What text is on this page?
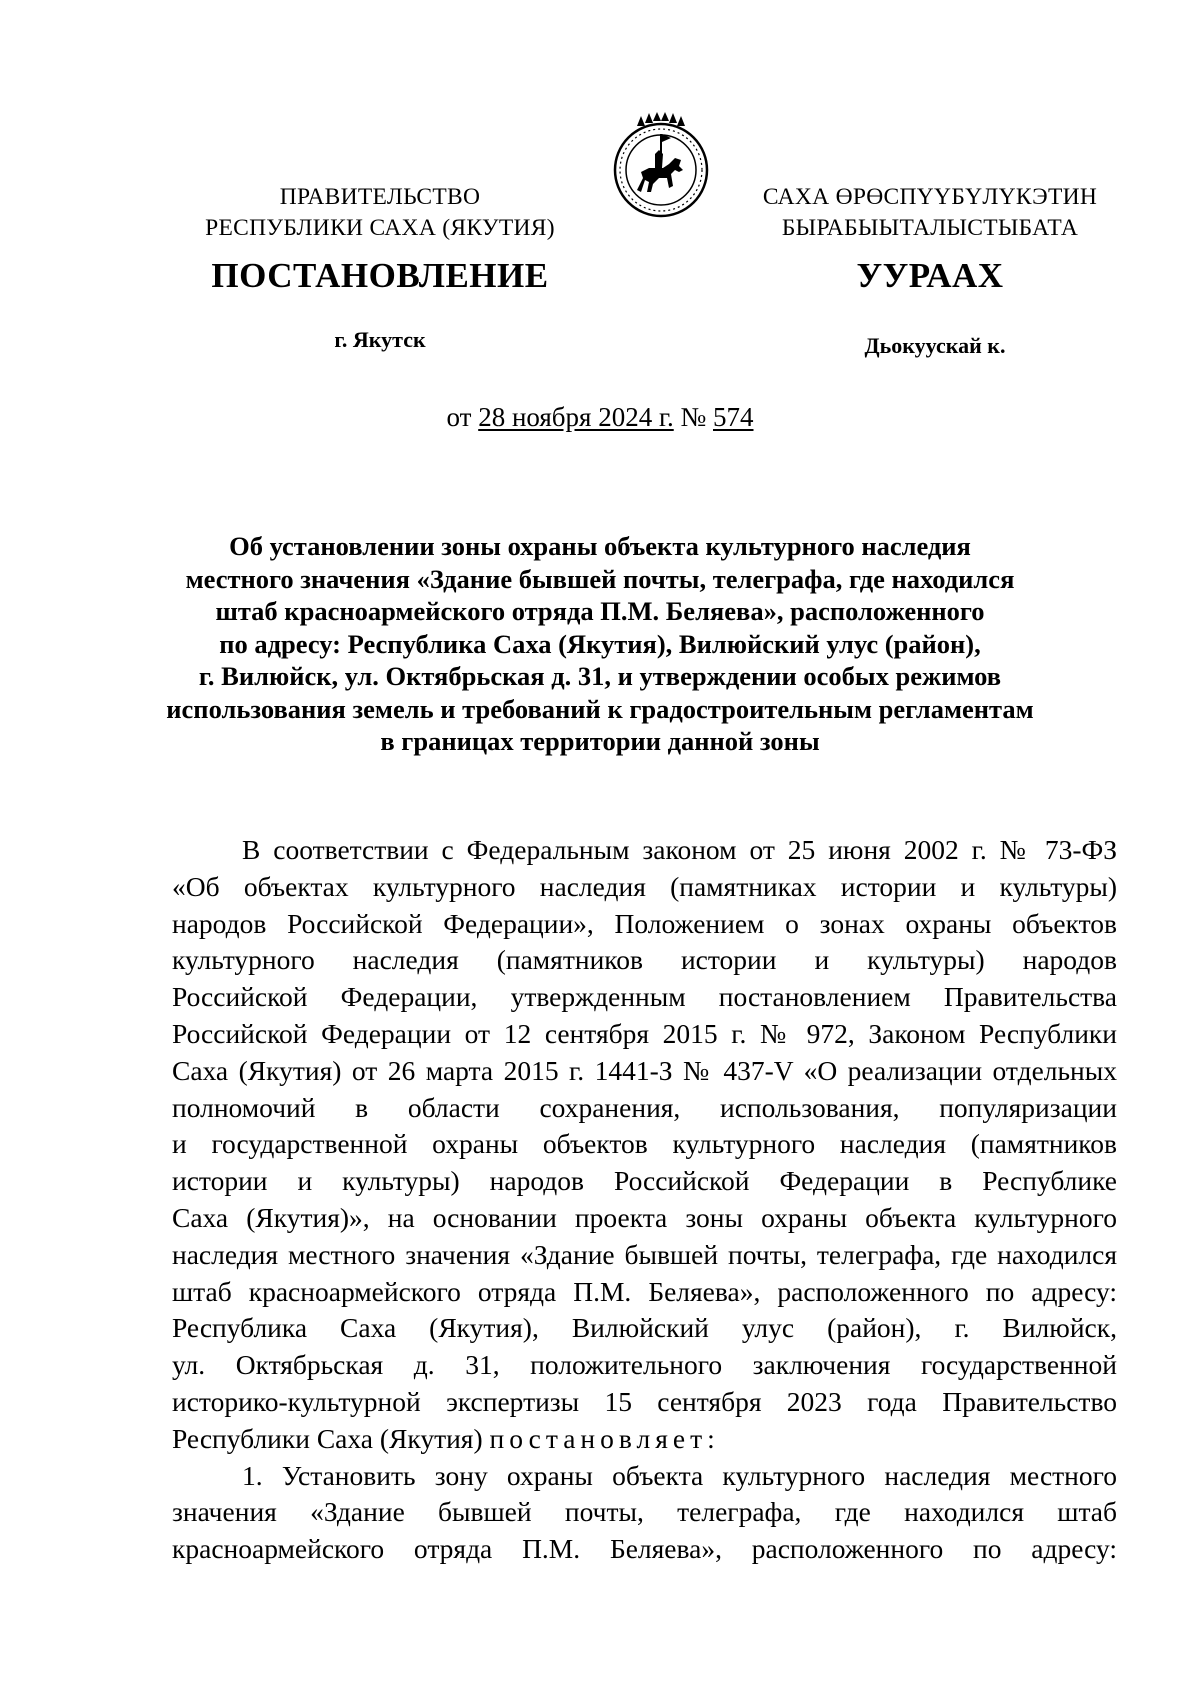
ПРАВИТЕЛЬСТВО
РЕСПУБЛИКИ САХА (ЯКУТИЯ)
САХА ӨРӨСПҮҮБҮЛҮКЭТИН
БЫРАБЫЫТАЛЫСТЫБАТА
ПОСТАНОВЛЕНИЕ	УУРААХ
г. Якутск	Дьокуускай к.
от 28 ноября 2024 г. № 574
Об установлении зоны охраны объекта культурного наследия
местного значения «Здание бывшей почты, телеграфа, где находился
штаб красноармейского отряда П.М. Беляева», расположенного
по адресу: Республика Саха (Якутия), Вилюйский улус (район),
г. Вилюйск, ул. Октябрьская д. 31, и утверждении особых режимов
использования земель и требований к градостроительным регламентам
в границах территории данной зоны
В соответствии с Федеральным законом от 25 июня 2002 г. № 73-ФЗ
«Об объектах культурного наследия (памятниках истории и культуры)
народов Российской Федерации», Положением о зонах охраны объектов
культурного наследия (памятников истории и культуры) народов
Российской Федерации, утвержденным постановлением Правительства
Российской Федерации от 12 сентября 2015 г. № 972, Законом Республики
Саха (Якутия) от 26 марта 2015 г. 1441-З № 437-V «О реализации отдельных
полномочий в области сохранения, использования, популяризации
и государственной охраны объектов культурного наследия (памятников
истории и культуры) народов Российской Федерации в Республике
Саха (Якутия)», на основании проекта зоны охраны объекта культурного
наследия местного значения «Здание бывшей почты, телеграфа, где находился
штаб красноармейского отряда П.М. Беляева», расположенного по адресу:
Республика Саха (Якутия), Вилюйский улус (район), г. Вилюйск,
ул. Октябрьская д. 31, положительного заключения государственной
историко-культурной экспертизы 15 сентября 2023 года Правительство
Республики Саха (Якутия) постановляет:
1. Установить зону охраны объекта культурного наследия местного
значения «Здание бывшей почты, телеграфа, где находился штаб
красноармейского отряда П.М. Беляева», расположенного по адресу:
